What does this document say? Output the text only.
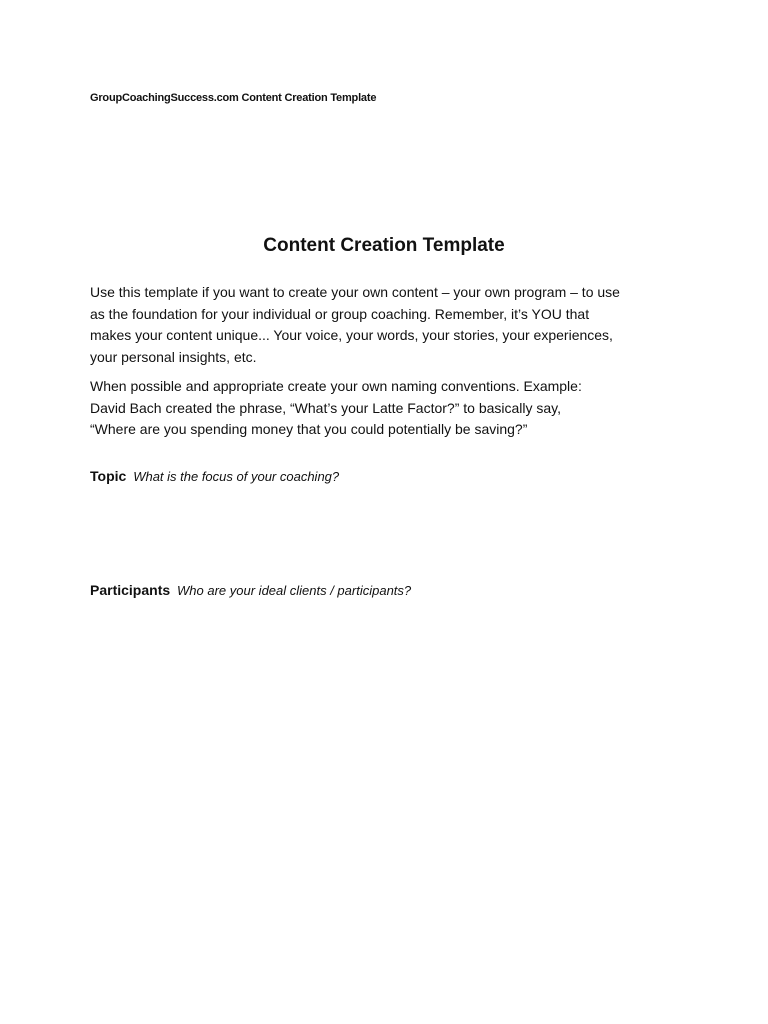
GroupCoachingSuccess.com Content Creation Template
Content Creation Template

Use this template if you want to create your own content – your own program – to use
as the foundation for your individual or group coaching. Remember, it’s YOU that
makes your content unique... Your voice, your words, your stories, your experiences,
your personal insights, etc.

When possible and appropriate create your own naming conventions. Example:
David Bach created the phrase, “What’s your Latte Factor?” to basically say,
“Where are you spending money that you could potentially be saving?”

Topic What is the focus of your coaching?
Participants Who are your ideal clients / participants?
